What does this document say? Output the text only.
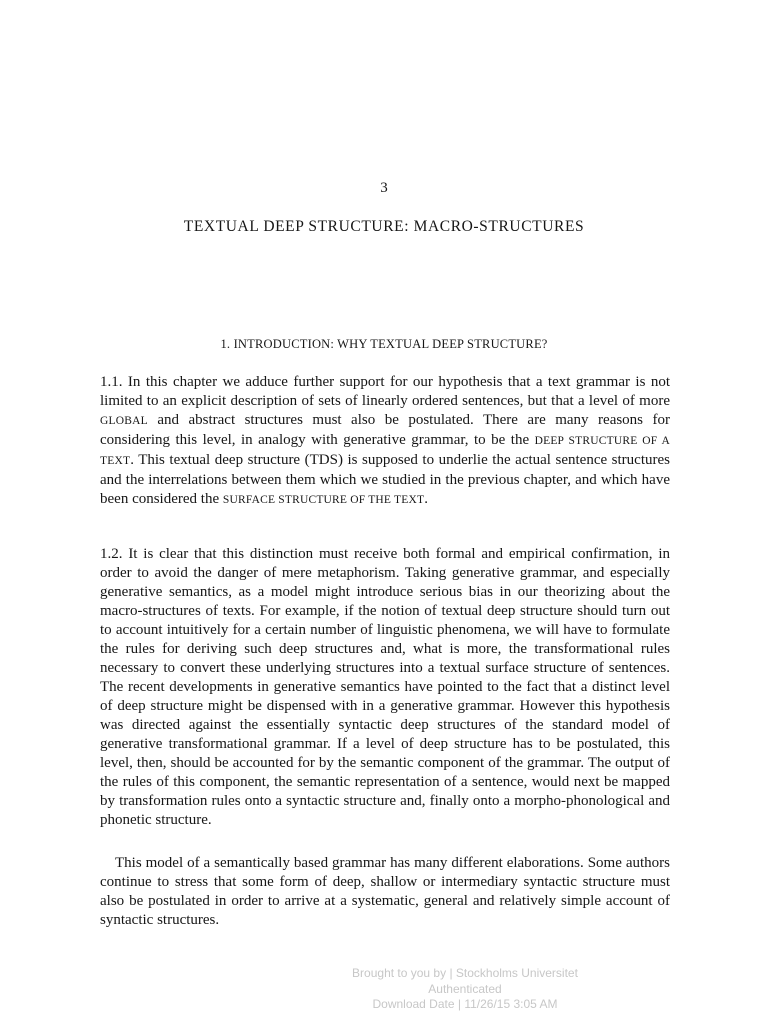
3
TEXTUAL DEEP STRUCTURE: MACRO-STRUCTURES
1. INTRODUCTION: WHY TEXTUAL DEEP STRUCTURE?

1.1. In this chapter we adduce further support for our hypothesis that a text grammar is not limited to an explicit description of sets of linearly ordered sentences, but that a level of more GLOBAL and abstract structures must also be postulated. There are many reasons for considering this level, in analogy with generative grammar, to be the DEEP STRUCTURE OF A TEXT. This textual deep structure (TDS) is supposed to underlie the actual sentence structures and the interrelations between them which we studied in the previous chapter, and which have been considered the SURFACE STRUCTURE OF THE TEXT.

1.2. It is clear that this distinction must receive both formal and empirical confirmation, in order to avoid the danger of mere metaphorism. Taking generative grammar, and especially generative semantics, as a model might introduce serious bias in our theorizing about the macro-structures of texts. For example, if the notion of textual deep structure should turn out to account intuitively for a certain number of linguistic phenomena, we will have to formulate the rules for deriving such deep structures and, what is more, the transformational rules necessary to convert these underlying structures into a textual surface structure of sentences. The recent developments in generative semantics have pointed to the fact that a distinct level of deep structure might be dispensed with in a generative grammar. However this hypothesis was directed against the essentially syntactic deep structures of the standard model of generative transformational grammar. If a level of deep structure has to be postulated, this level, then, should be accounted for by the semantic component of the grammar. The output of the rules of this component, the semantic representation of a sentence, would next be mapped by transformation rules onto a syntactic structure and, finally onto a morpho-phonological and phonetic structure.

This model of a semantically based grammar has many different elaborations. Some authors continue to stress that some form of deep, shallow or intermediary syntactic structure must also be postulated in order to arrive at a systematic, general and relatively simple account of syntactic structures.

Brought to you by | Stockholms Universitet
Authenticated
Download Date | 11/26/15 3:05 AM
